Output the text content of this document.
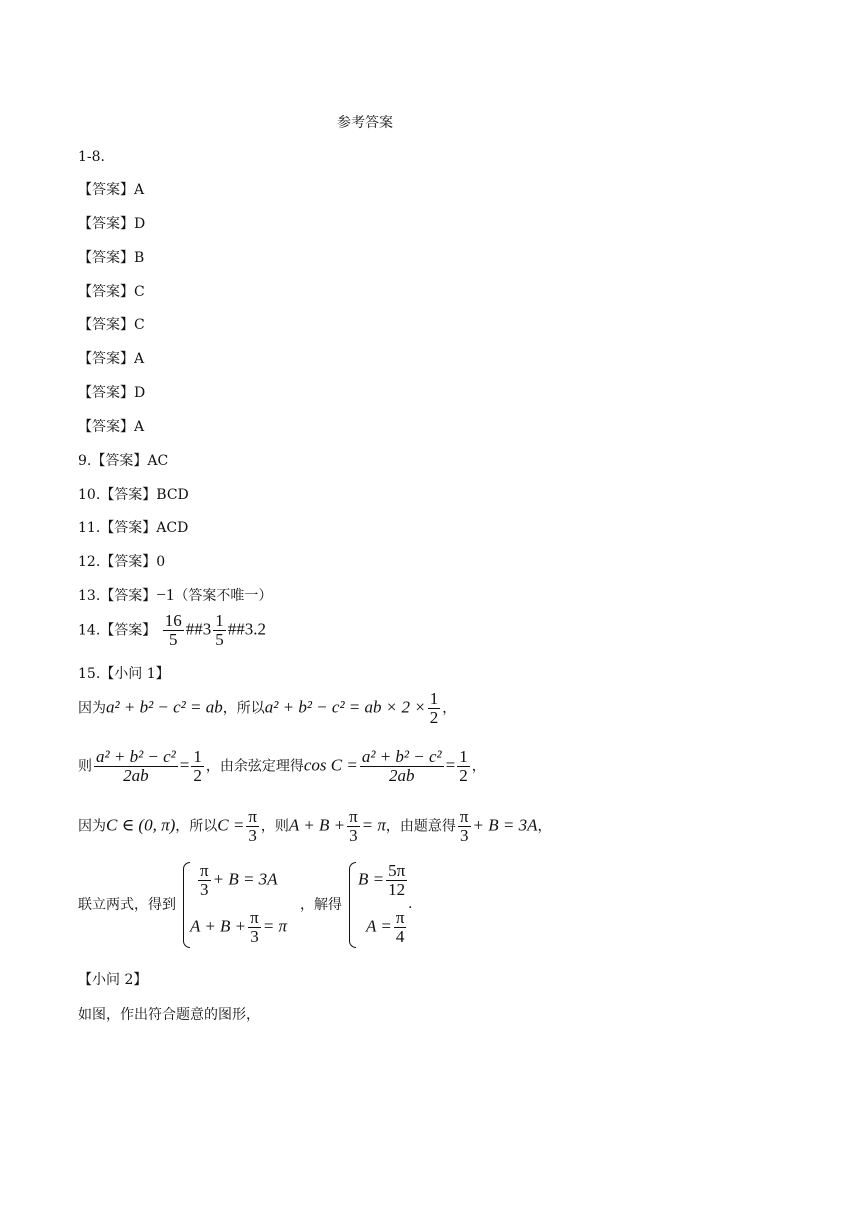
参考答案
1-8.
【答案】A
【答案】D
【答案】B
【答案】C
【答案】C
【答案】A
【答案】D
【答案】A
9.【答案】AC
10.【答案】BCD
11.【答案】ACD
12.【答案】0
13.【答案】−1（答案不唯一）
14.【答案】 $\frac{16}{5}$ ##3 $\frac{1}{5}$ ##3.2
15.【小问 1】
因为a² + b² − c² = ab，所以a² + b² − c² = ab × $2 \times \frac{1}{2}$ ，
则 $\frac{\text{a² + b² − c²}}{2ab} = \frac{1}{2}$ ，由余弦定理得$\cos C = \frac{\text{a² + b² − c²}}{2ab} = \frac{1}{2}$ ，
因为C ∈ (0, π)，所以$C = \frac{\pi}{3}$ ，则$A + B + \frac{\pi}{3} = \pi$，由题意得 $\frac{\pi}{3} + B = 3A$，
联立两式，得到
$\frac{\pi}{3} + B = 3A$
$A + B + \frac{\pi}{3} = \pi$
，解得
$B = \frac{5\pi}{12}$
$A = \frac{\pi}{4}$
.
【小问 2】
如图，作出符合题意的图形，
